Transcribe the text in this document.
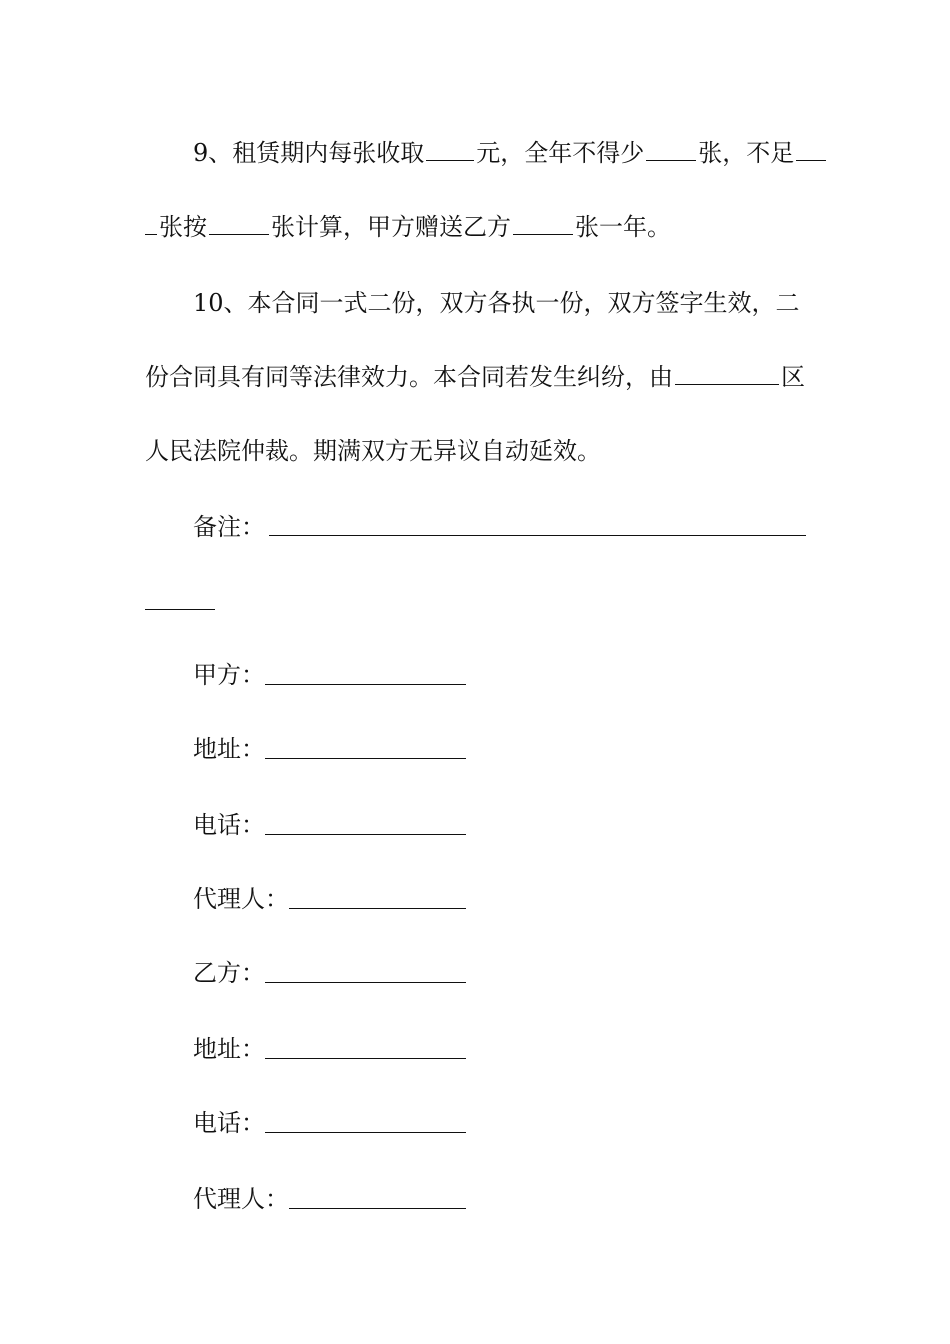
9、租赁期内每张收取 元，全年不得少 张，不足
张按	张计算，甲方赠送乙方	张一年。
10、本合同一式二份，双方各执一份，双方签字生效，二
份合同具有同等法律效力。本合同若发生纠纷，由	区
人民法院仲裁。期满双方无异议自动延效。
备注：
甲方：
地址：
电话：
代理人：
乙方：
地址：
电话：
代理人：
